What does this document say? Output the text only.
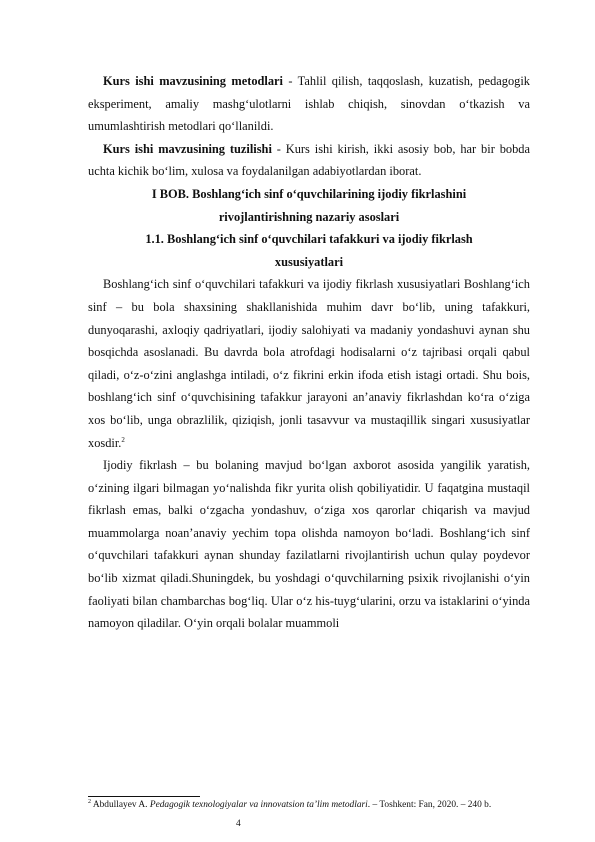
Kurs ishi mavzusining metodlari - Tahlil qilish, taqqoslash, kuzatish, pedagogik eksperiment, amaliy mashg‘ulotlarni ishlab chiqish, sinovdan o‘tkazish va umumlashtirish metodlari qo‘llanildi.

Kurs ishi mavzusining tuzilishi - Kurs ishi kirish, ikki asosiy bob, har bir bobda uchta kichik bo‘lim, xulosa va foydalanilgan adabiyotlardan iborat.

I BOB. Boshlang‘ich sinf o‘quvchilarining ijodiy fikrlashini rivojlantirishning nazariy asoslari

1.1. Boshlang‘ich sinf o‘quvchilari tafakkuri va ijodiy fikrlash xususiyatlari

Boshlang‘ich sinf o‘quvchilari tafakkuri va ijodiy fikrlash xususiyatlari Boshlang‘ich sinf – bu bola shaxsining shakllanishida muhim davr bo‘lib, uning tafakkuri, dunyoqarashi, axloqiy qadriyatlari, ijodiy salohiyati va madaniy yondashuvi aynan shu bosqichda asoslanadi. Bu davrda bola atrofdagi hodisalarni o‘z tajribasi orqali qabul qiladi, o‘z-o‘zini anglashga intiladi, o‘z fikrini erkin ifoda etish istagi ortadi. Shu bois, boshlang‘ich sinf o‘quvchisining tafakkur jarayoni an’anaviy fikrlashdan ko‘ra o‘ziga xos bo‘lib, unga obrazlilik, qiziqish, jonli tasavvur va mustaqillik singari xususiyatlar xosdir.$^2$

Ijodiy fikrlash – bu bolaning mavjud bo‘lgan axborot asosida yangilik yaratish, o‘zining ilgari bilmagan yo‘nalishda fikr yurita olish qobiliyatidir. U faqatgina mustaqil fikrlash emas, balki o‘zgacha yondashuv, o‘ziga xos qarorlar chiqarish va mavjud muammolarga noan’anaviy yechim topa olishda namoyon bo‘ladi. Boshlang‘ich sinf o‘quvchilari tafakkuri aynan shunday fazilatlarni rivojlantirish uchun qulay poydevor bo‘lib xizmat qiladi.Shuningdek, bu yoshdagi o‘quvchilarning psixik rivojlanishi o‘yin faoliyati bilan chambarchas bog‘liq. Ular o‘z his-tuyg‘ularini, orzu va istaklarini o‘yinda namoyon qiladilar. O‘yin orqali bolalar muammoli

$^2$ Abdullayev A. Pedagogik texnologiyalar va innovatsion ta’lim metodlari. – Toshkent: Fan, 2020. – 240 b.
4
